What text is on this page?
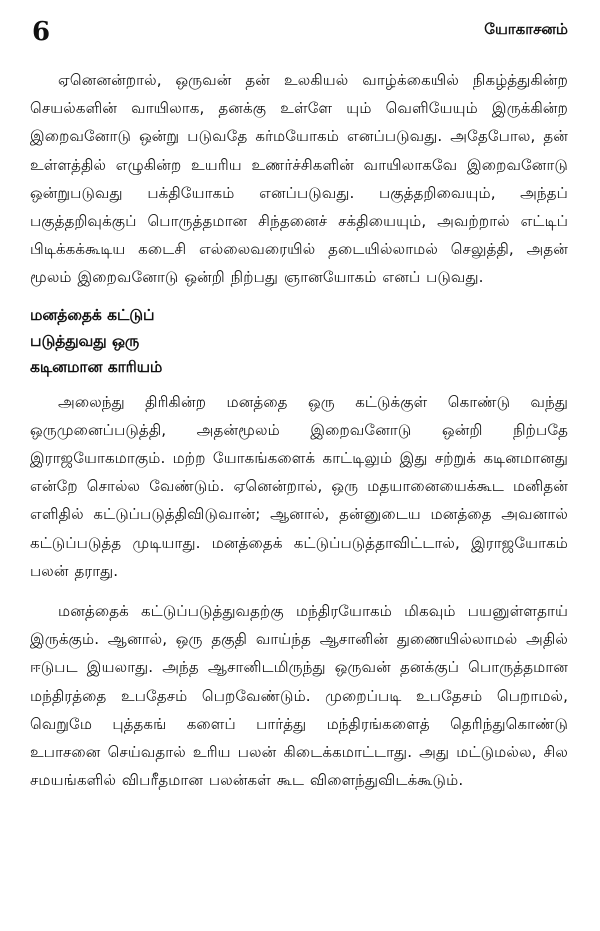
6	யோகாசனம்

ஏனெனன்றால், ஒருவன் தன் உலகியல் வாழ்க்கையில் நிகழ்த்துகின்ற செயல்களின் வாயிலாக, தனக்கு உள்ளே யும் வெளியேயும் இருக்கின்ற இறைவனோடு ஒன்று படுவதே கர்மயோகம் எனப்படுவது. அதேபோல, தன் உள்ளத்தில் எழுகின்ற உயரிய உணர்ச்சிகளின் வாயிலாகவே இறைவனோடு ஒன்றுபடுவது பக்தியோகம் எனப்படுவது. பகுத்தறிவையும், அந்தப் பகுத்தறிவுக்குப் பொருத்தமான சிந்தனைச் சக்தியையும், அவற்றால் எட்டிப் பிடிக்கக்கூடிய கடைசி எல்லைவரையில் தடையில்லாமல் செலுத்தி, அதன் மூலம் இறைவனோடு ஒன்றி நிற்பது ஞானயோகம் எனப் படுவது.

மனத்தைக் கட்டுப்
படுத்துவது ஒரு
கடினமான காரியம்

அலைந்து திரிகின்ற மனத்தை ஒரு கட்டுக்குள் கொண்டு வந்து ஒருமுனைப்படுத்தி, அதன்மூலம் இறைவனோடு ஒன்றி நிற்பதே இராஜயோகமாகும். மற்ற யோகங்களைக் காட்டிலும் இது சற்றுக் கடினமானது என்றே சொல்ல வேண்டும். ஏனென்றால், ஒரு மதயானையைக்கூட மனிதன் எளிதில் கட்டுப்படுத்திவிடுவான்; ஆனால், தன்னுடைய மனத்தை அவனால் கட்டுப்படுத்த முடியாது. மனத்தைக் கட்டுப்படுத்தாவிட்டால், இராஜயோகம் பலன் தராது.

மனத்தைக் கட்டுப்படுத்துவதற்கு மந்திரயோகம் மிகவும் பயனுள்ளதாய் இருக்கும். ஆனால், ஒரு தகுதி வாய்ந்த ஆசானின் துணையில்லாமல் அதில் ஈடுபட இயலாது. அந்த ஆசானிடமிருந்து ஒருவன் தனக்குப் பொருத்தமான மந்திரத்தை உபதேசம் பெறவேண்டும். முறைப்படி உபதேசம் பெறாமல், வெறுமே புத்தகங் களைப் பார்த்து மந்திரங்களைத் தெரிந்துகொண்டு உபாசனை செய்வதால் உரிய பலன் கிடைக்கமாட்டாது. அது மட்டுமல்ல, சில சமயங்களில் விபரீதமான பலன்கள் கூட விளைந்துவிடக்கூடும்.
